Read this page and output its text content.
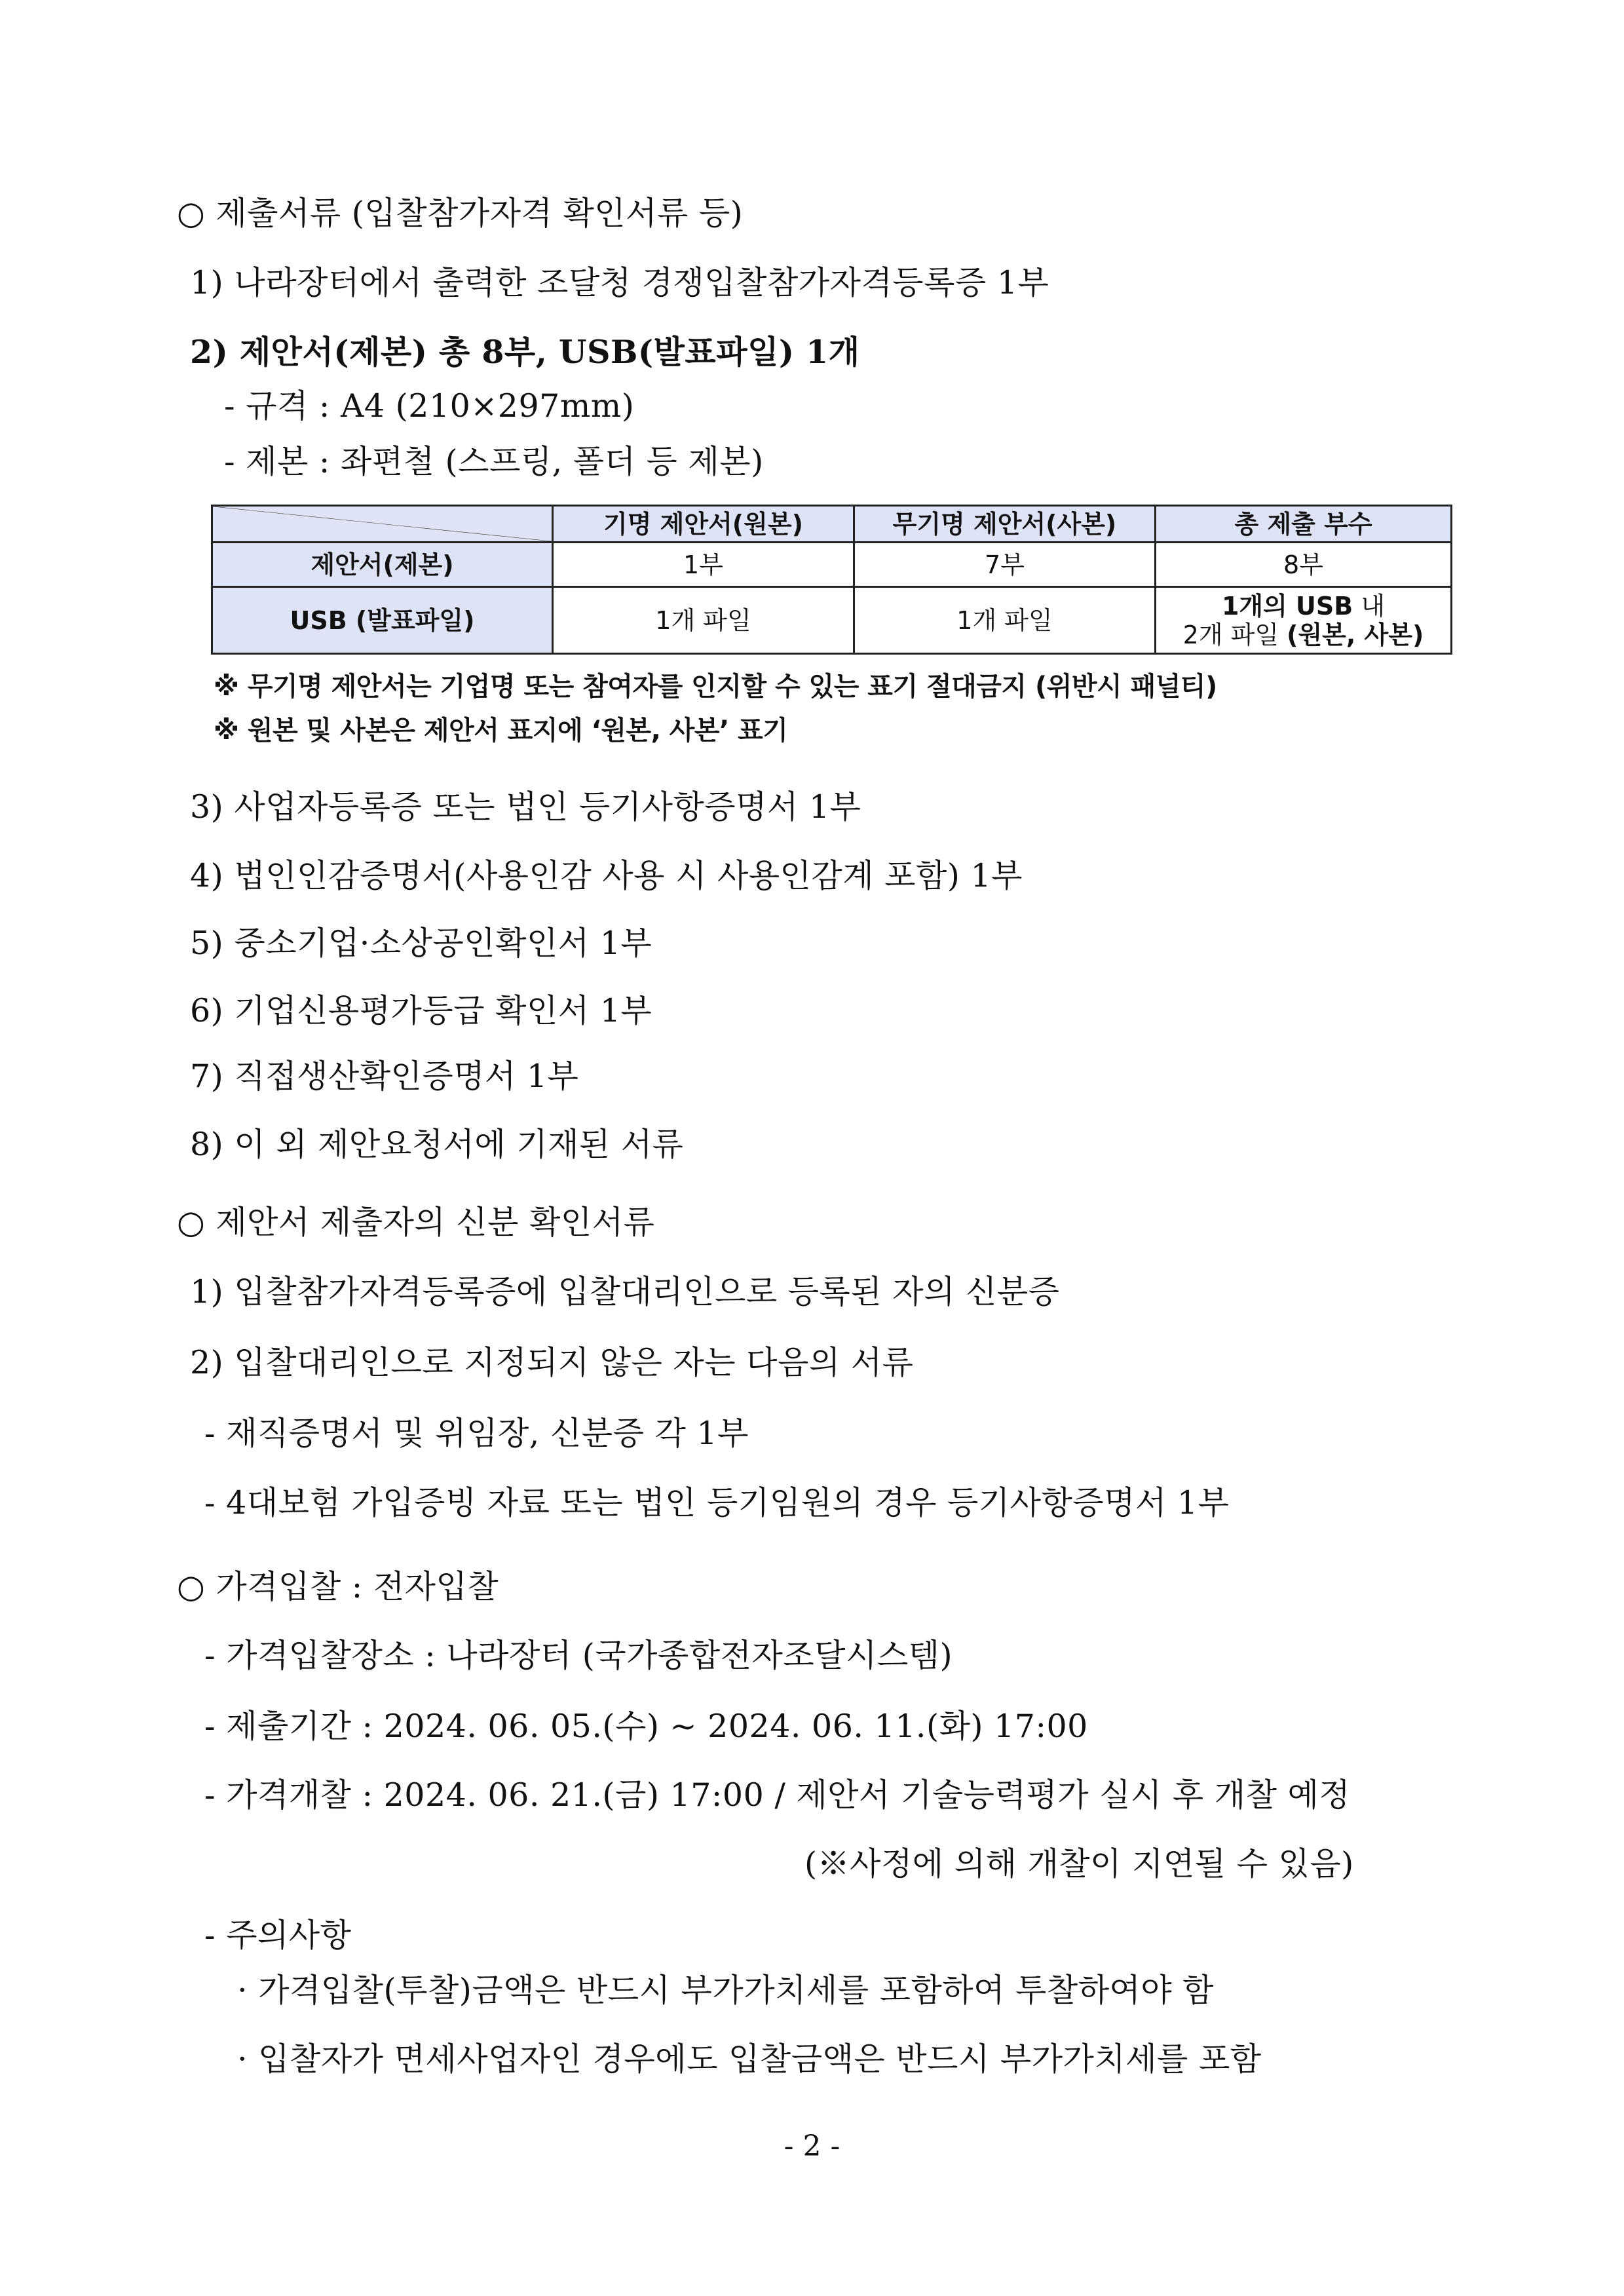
○ 제출서류 (입찰참가자격 확인서류 등)
1) 나라장터에서 출력한 조달청 경쟁입찰참가자격등록증 1부
2) 제안서(제본) 총 8부, USB(발표파일) 1개
- 규격 : A4 (210×297mm)
- 제본 : 좌편철 (스프링, 폴더 등 제본)
	기명 제안서(원본)	무기명 제안서(사본)	총 제출 부수
제안서(제본)	1부	7부	8부
USB (발표파일)	1개 파일	1개 파일	1개의 USB 내
2개 파일 (원본, 사본)
※ 무기명 제안서는 기업명 또는 참여자를 인지할 수 있는 표기 절대금지 (위반시 패널티)
※ 원본 및 사본은 제안서 표지에 ‘원본, 사본’ 표기
3) 사업자등록증 또는 법인 등기사항증명서 1부
4) 법인인감증명서(사용인감 사용 시 사용인감계 포함) 1부
5) 중소기업·소상공인확인서 1부
6) 기업신용평가등급 확인서 1부
7) 직접생산확인증명서 1부
8) 이 외 제안요청서에 기재된 서류
○ 제안서 제출자의 신분 확인서류
1) 입찰참가자격등록증에 입찰대리인으로 등록된 자의 신분증
2) 입찰대리인으로 지정되지 않은 자는 다음의 서류
- 재직증명서 및 위임장, 신분증 각 1부
- 4대보험 가입증빙 자료 또는 법인 등기임원의 경우 등기사항증명서 1부
○ 가격입찰 : 전자입찰
- 가격입찰장소 : 나라장터 (국가종합전자조달시스템)
- 제출기간 : 2024. 06. 05.(수) ~ 2024. 06. 11.(화) 17:00
- 가격개찰 : 2024. 06. 21.(금) 17:00 / 제안서 기술능력평가 실시 후 개찰 예정
(※사정에 의해 개찰이 지연될 수 있음)
- 주의사항
· 가격입찰(투찰)금액은 반드시 부가가치세를 포함하여 투찰하여야 함
· 입찰자가 면세사업자인 경우에도 입찰금액은 반드시 부가가치세를 포함
- 2 -
